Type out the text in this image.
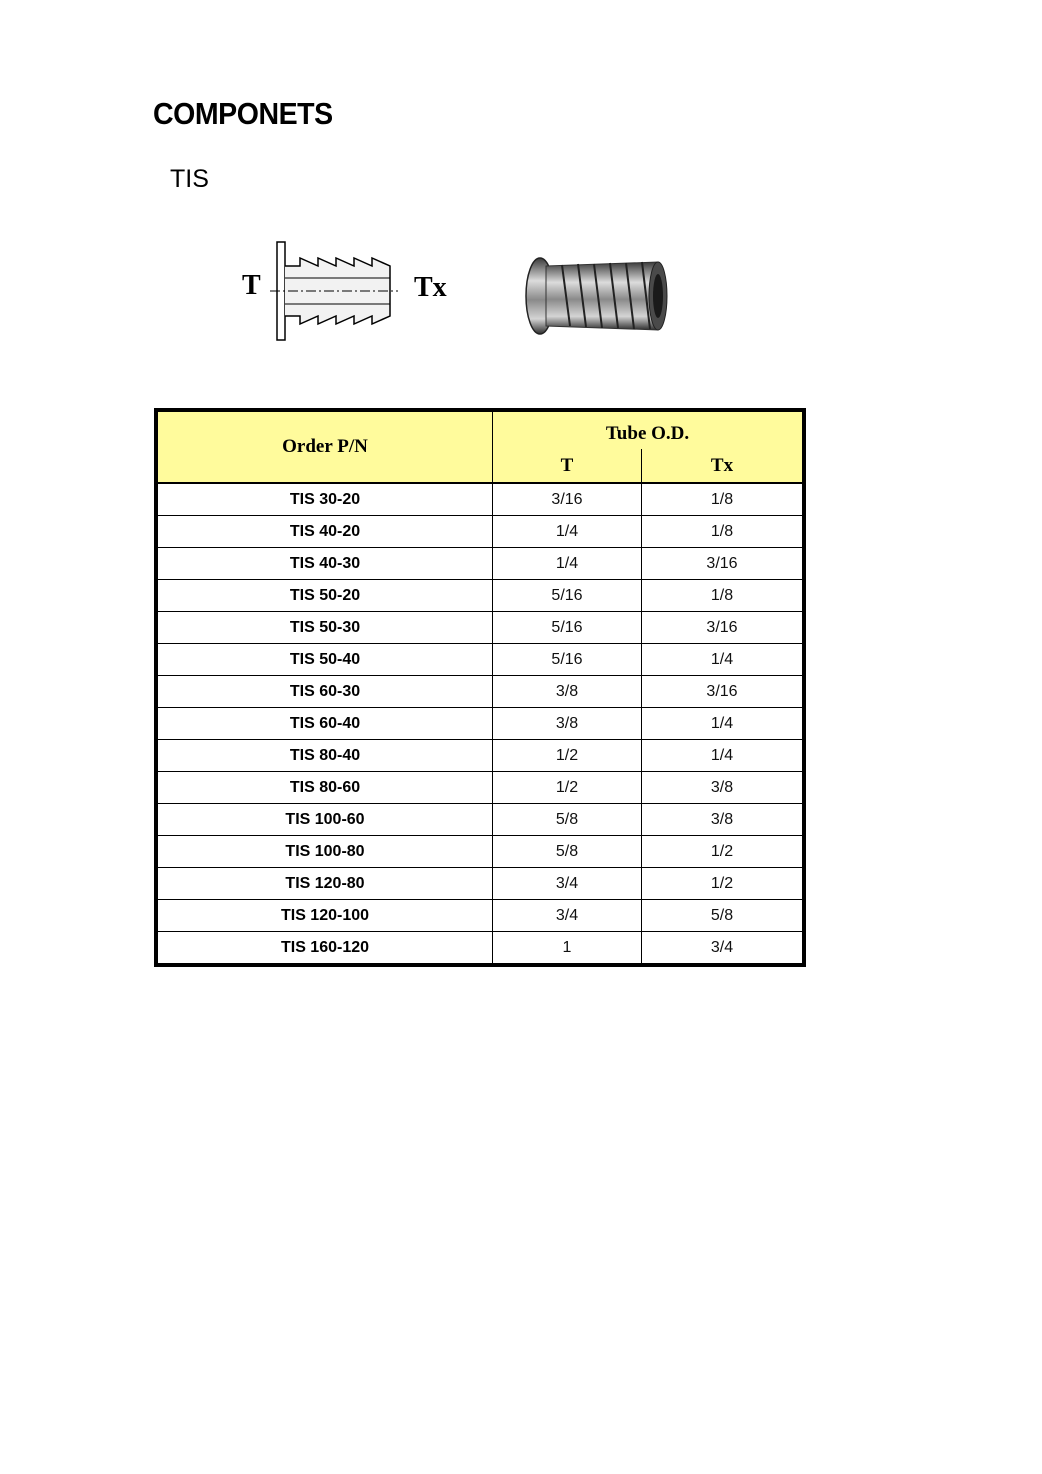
COMPONETS
TIS
T	Tx
Order P/N	Tube O.D.	
	T	Tx
TIS 30-20	3/16	1/8
TIS 40-20	1/4	1/8
TIS 40-30	1/4	3/16
TIS 50-20	5/16	1/8
TIS 50-30	5/16	3/16
TIS 50-40	5/16	1/4
TIS 60-30	3/8	3/16
TIS 60-40	3/8	1/4
TIS 80-40	1/2	1/4
TIS 80-60	1/2	3/8
TIS 100-60	5/8	3/8
TIS 100-80	5/8	1/2
TIS 120-80	3/4	1/2
TIS 120-100	3/4	5/8
TIS 160-120	1	3/4
